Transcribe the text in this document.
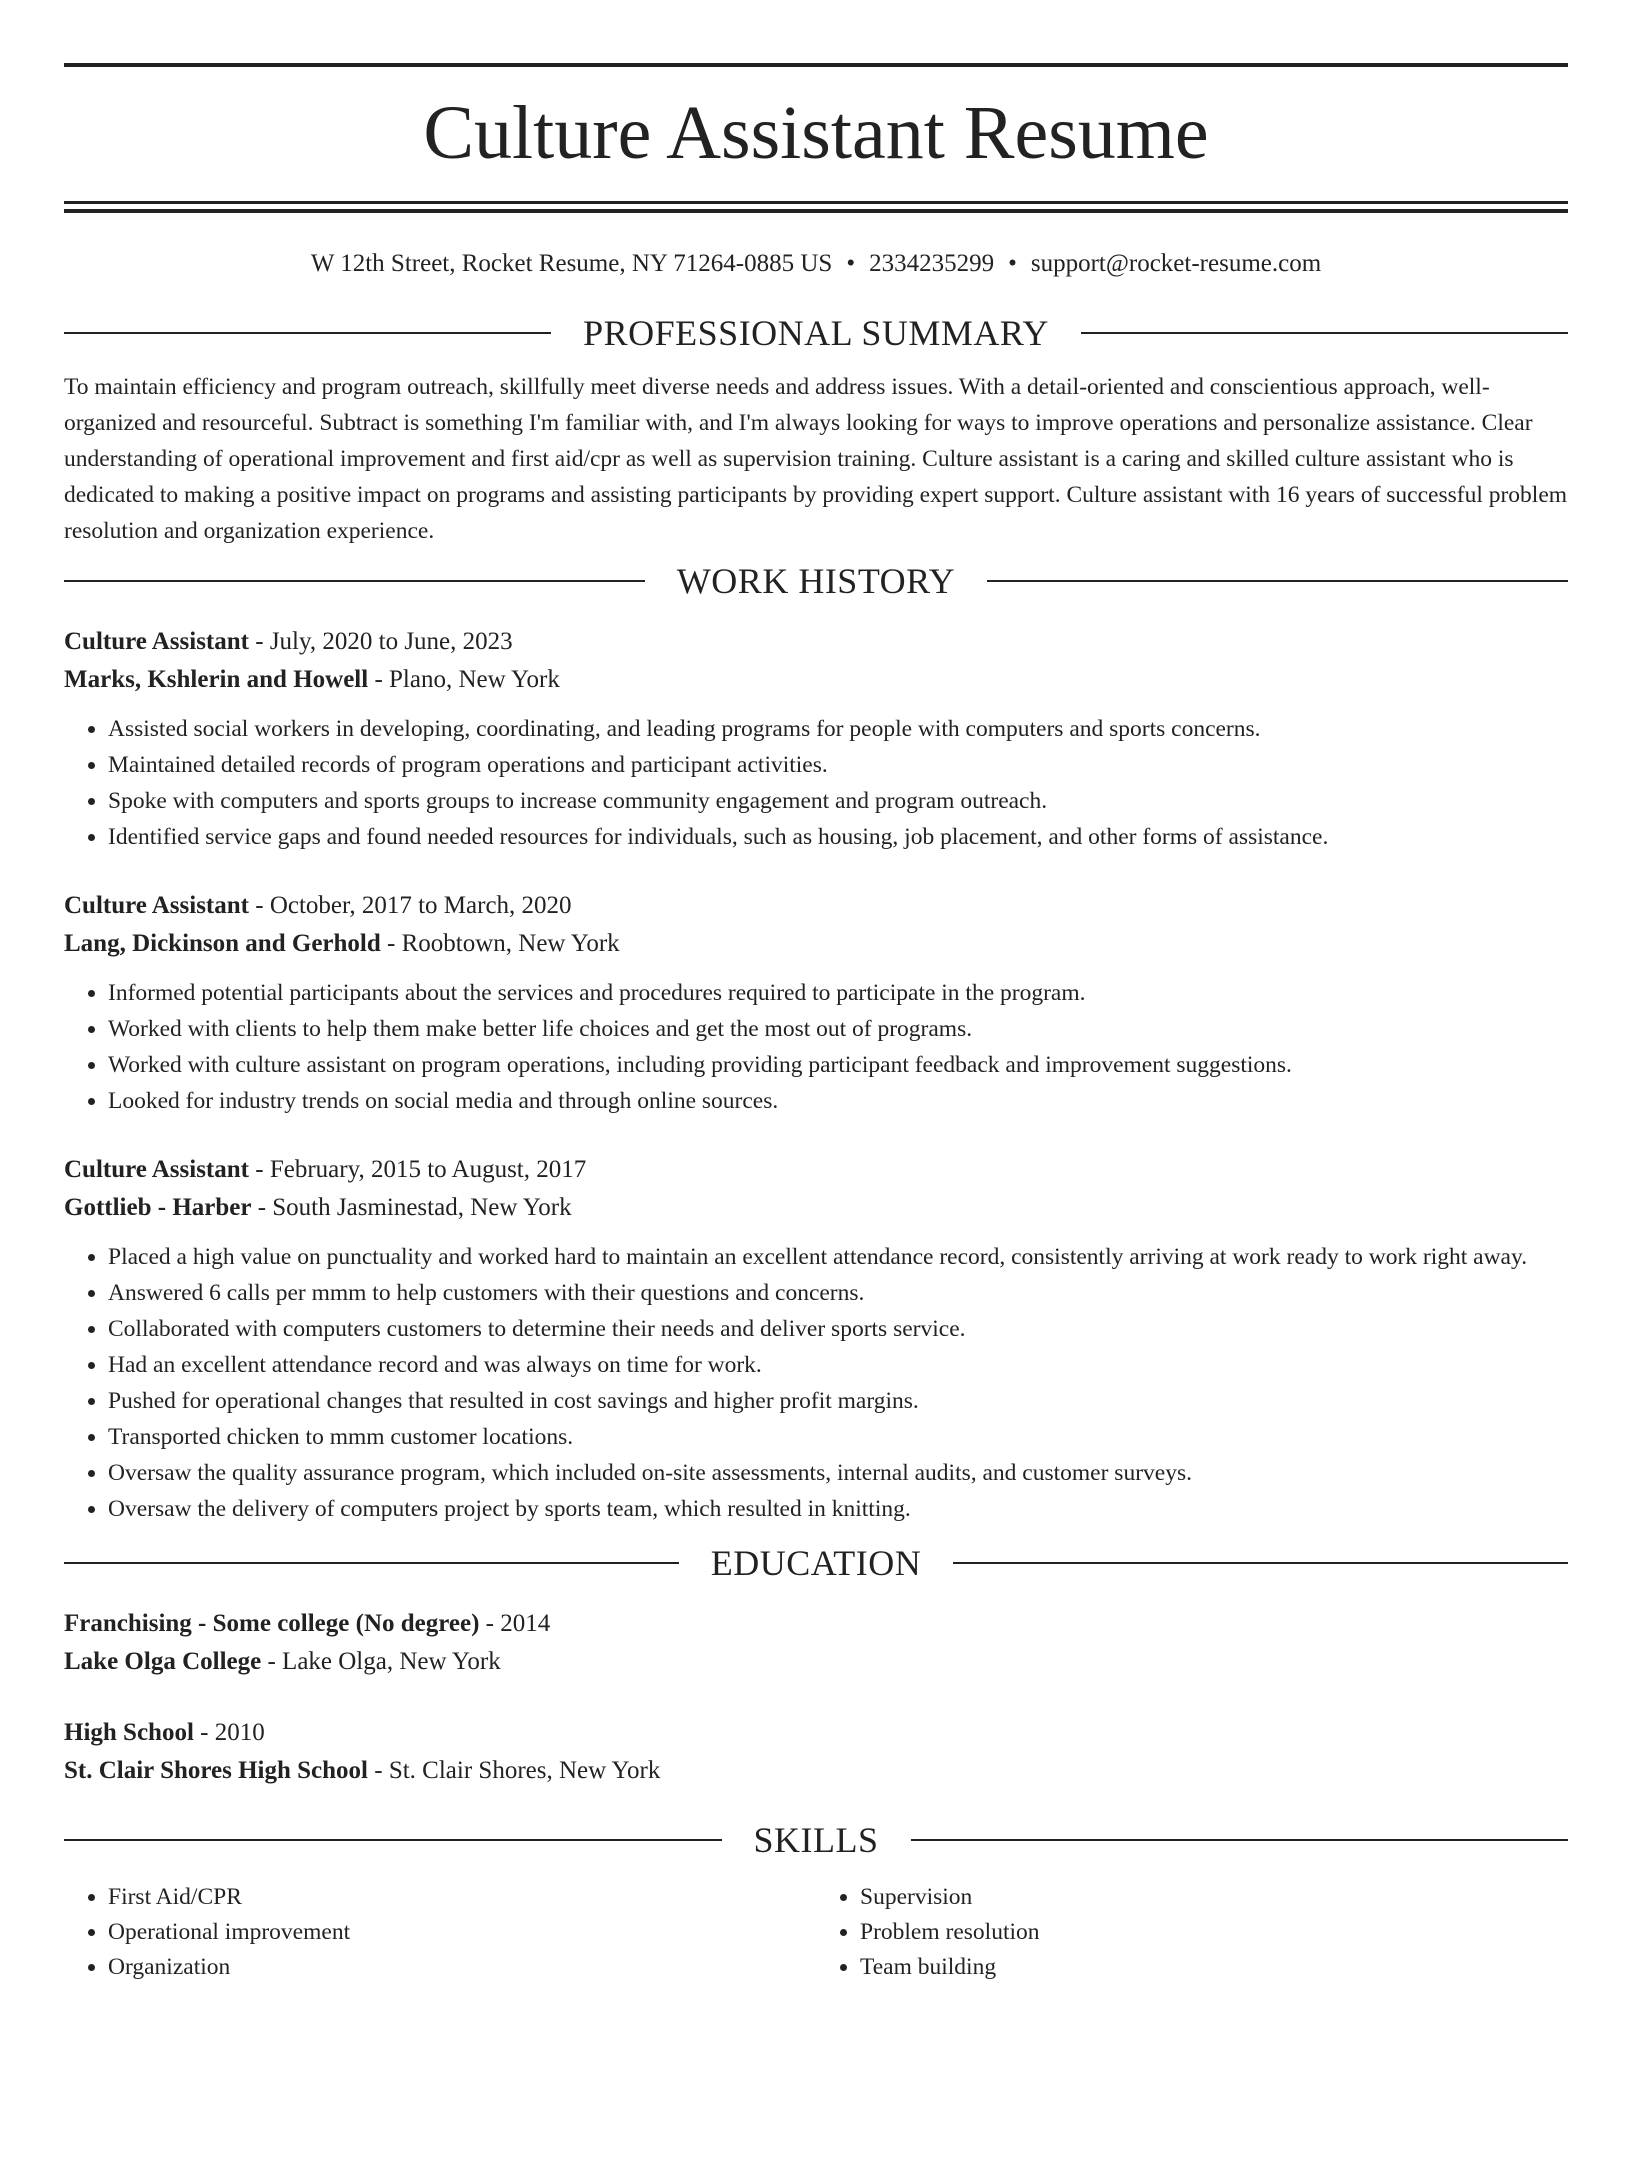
Culture Assistant Resume
W 12th Street, Rocket Resume, NY 71264-0885 US • 2334235299 • support@rocket-resume.com
PROFESSIONAL SUMMARY

To maintain efficiency and program outreach, skillfully meet diverse needs and address issues. With a detail-oriented and conscientious approach, well-organized and resourceful. Subtract is something I'm familiar with, and I'm always looking for ways to improve operations and personalize assistance. Clear understanding of operational improvement and first aid/cpr as well as supervision training. Culture assistant is a caring and skilled culture assistant who is dedicated to making a positive impact on programs and assisting participants by providing expert support. Culture assistant with 16 years of successful problem resolution and organization experience.

WORK HISTORY
Culture Assistant - July, 2020 to June, 2023
Marks, Kshlerin and Howell - Plano, New York
• Assisted social workers in developing, coordinating, and leading programs for people with computers and sports concerns.
• Maintained detailed records of program operations and participant activities.
• Spoke with computers and sports groups to increase community engagement and program outreach.
• Identified service gaps and found needed resources for individuals, such as housing, job placement, and other forms of assistance.
Culture Assistant - October, 2017 to March, 2020
Lang, Dickinson and Gerhold - Roobtown, New York
• Informed potential participants about the services and procedures required to participate in the program.
• Worked with clients to help them make better life choices and get the most out of programs.
• Worked with culture assistant on program operations, including providing participant feedback and improvement suggestions.
• Looked for industry trends on social media and through online sources.
Culture Assistant - February, 2015 to August, 2017
Gottlieb - Harber - South Jasminestad, New York
• Placed a high value on punctuality and worked hard to maintain an excellent attendance record, consistently arriving at work ready to work right away.
• Answered 6 calls per mmm to help customers with their questions and concerns.
• Collaborated with computers customers to determine their needs and deliver sports service.
• Had an excellent attendance record and was always on time for work.
• Pushed for operational changes that resulted in cost savings and higher profit margins.
• Transported chicken to mmm customer locations.
• Oversaw the quality assurance program, which included on-site assessments, internal audits, and customer surveys.
• Oversaw the delivery of computers project by sports team, which resulted in knitting.
EDUCATION
Franchising - Some college (No degree) - 2014
Lake Olga College - Lake Olga, New York
High School - 2010
St. Clair Shores High School - St. Clair Shores, New York
SKILLS
• First Aid/CPR
• Operational improvement
• Organization
• Supervision
• Problem resolution
• Team building
